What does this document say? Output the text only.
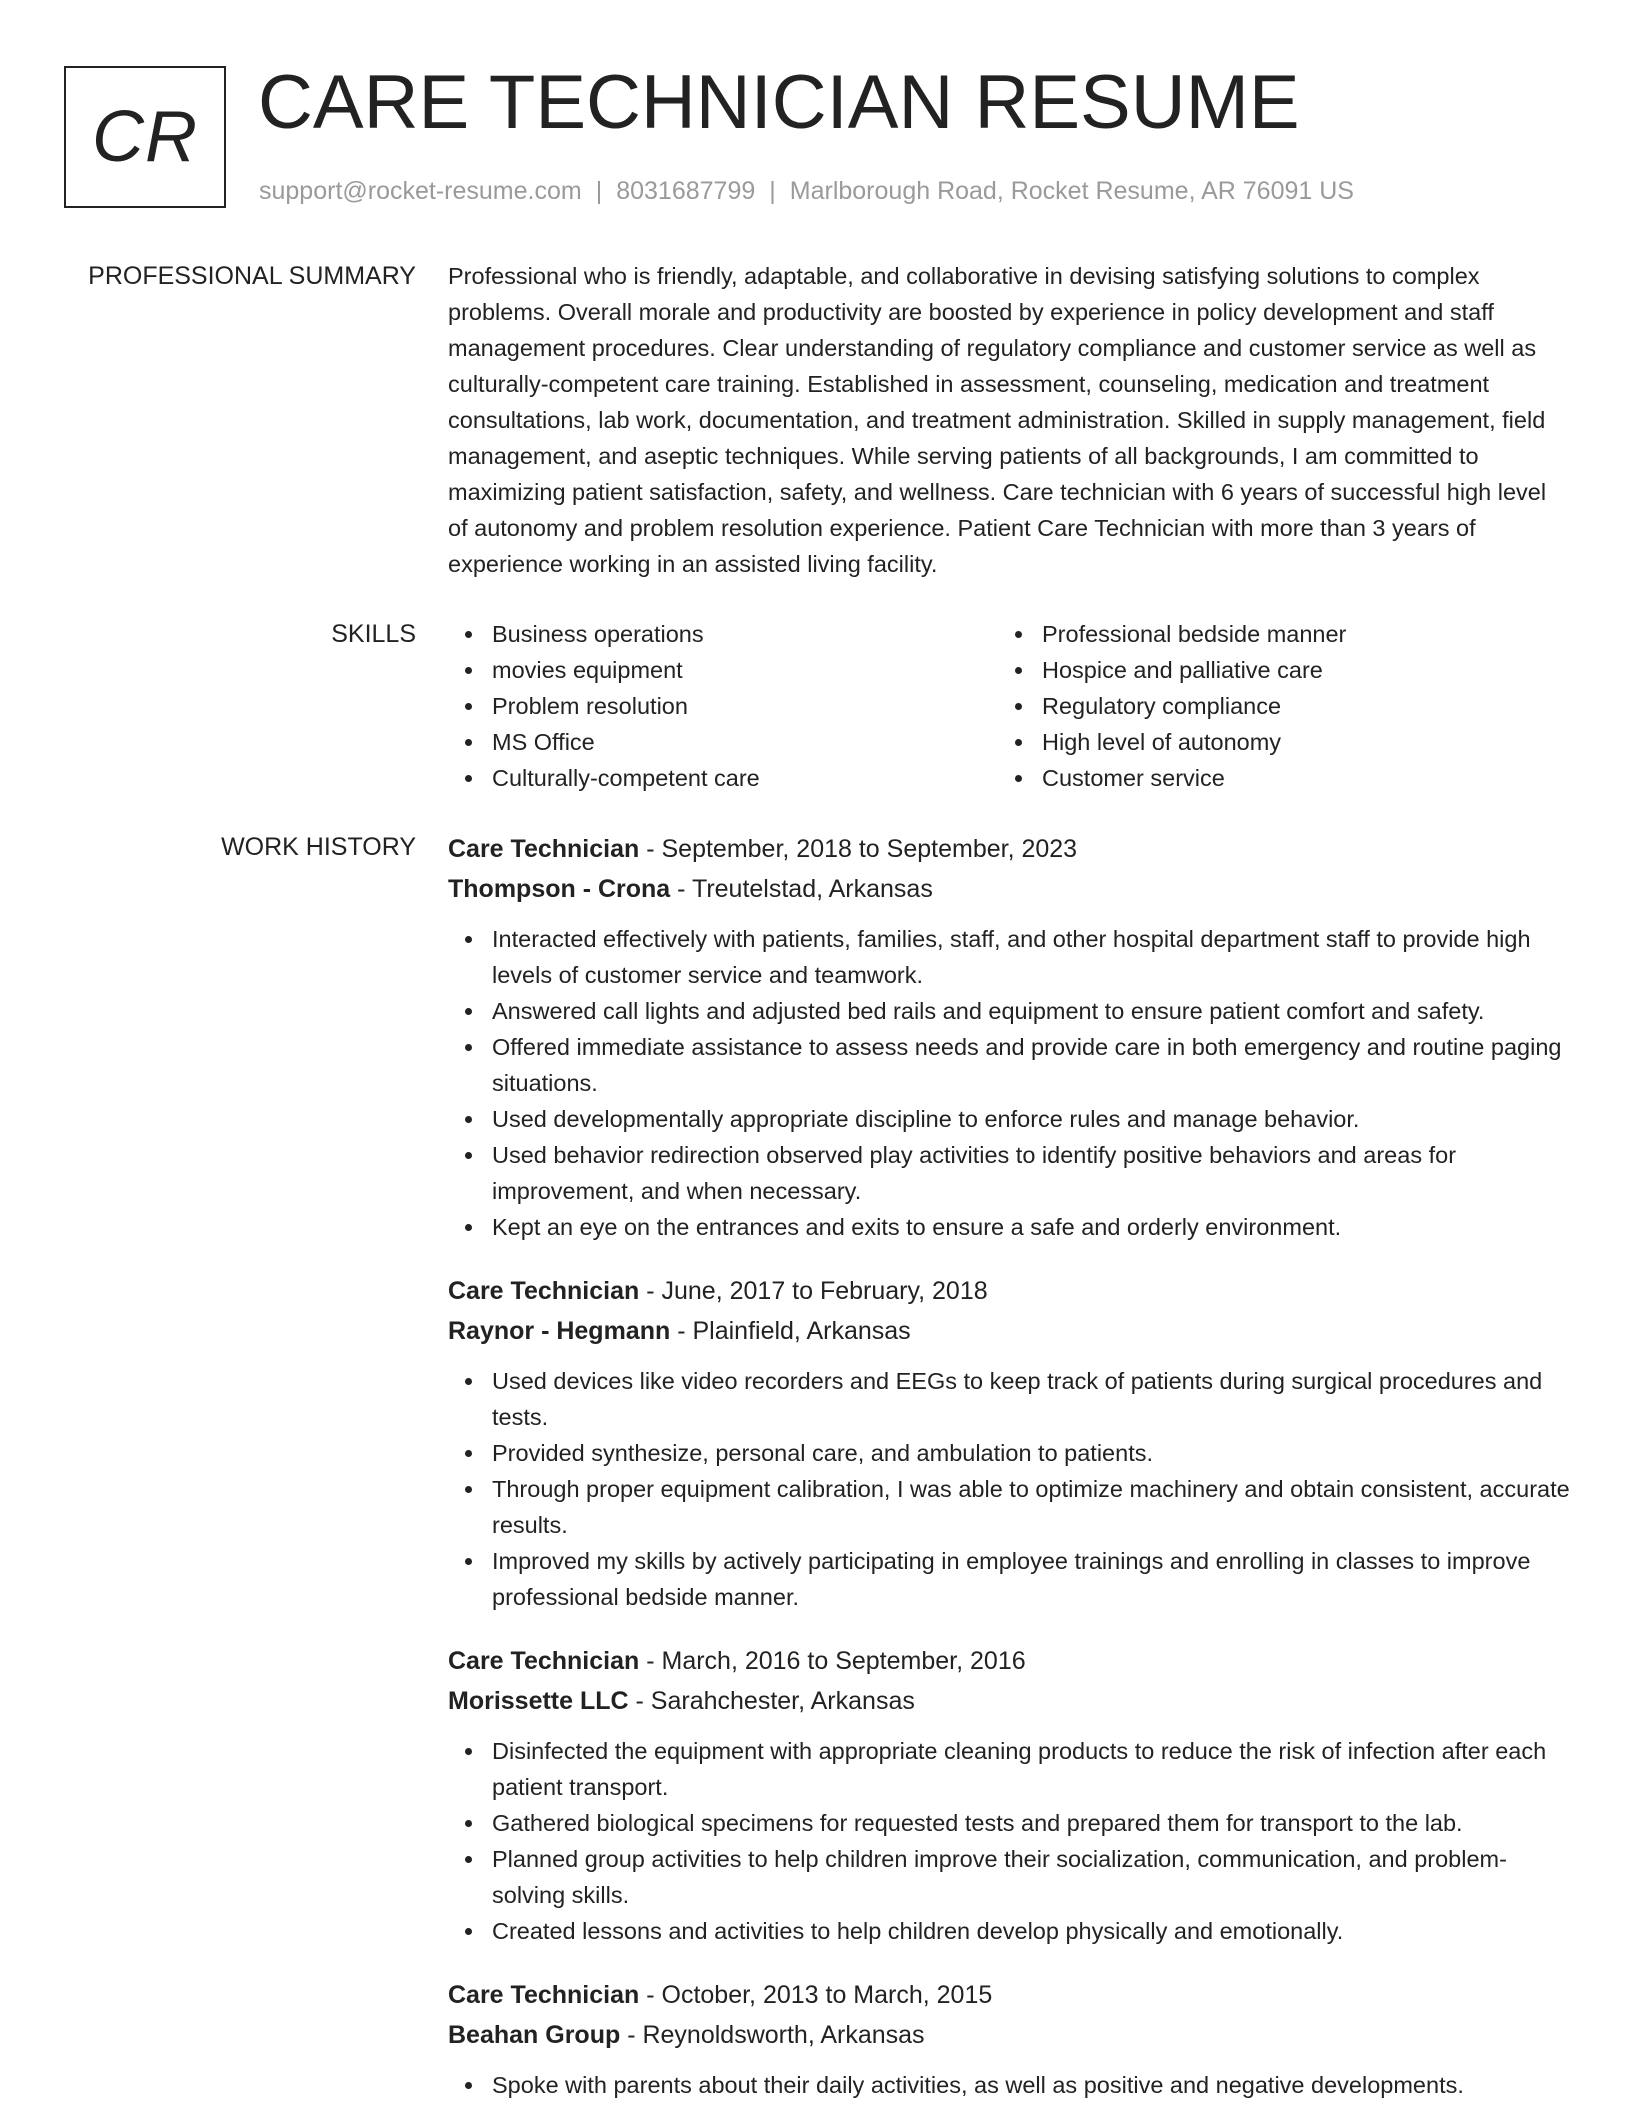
CR CARE TECHNICIAN RESUME
support@rocket-resume.com | 8031687799 | Marlborough Road, Rocket Resume, AR 76091 US
PROFESSIONAL SUMMARY Professional who is friendly, adaptable, and collaborative in devising satisfying solutions to complex problems. Overall morale and productivity are boosted by experience in policy development and staff management procedures. Clear understanding of regulatory compliance and customer service as well as culturally-competent care training. Established in assessment, counseling, medication and treatment consultations, lab work, documentation, and treatment administration. Skilled in supply management, field management, and aseptic techniques. While serving patients of all backgrounds, I am committed to maximizing patient satisfaction, safety, and wellness. Care technician with 6 years of successful high level of autonomy and problem resolution experience. Patient Care Technician with more than 3 years of experience working in an assisted living facility.

SKILLS	Business operations
movies equipment
Problem resolution
MS Office
Culturally-competent care
Professional bedside manner
Hospice and palliative care
Regulatory compliance
High level of autonomy
Customer service
WORK HISTORY Care Technician - September, 2018 to September, 2023
Thompson - Crona - Treutelstad, Arkansas
Interacted effectively with patients, families, staff, and other hospital department staff to provide high levels of customer service and teamwork.
Answered call lights and adjusted bed rails and equipment to ensure patient comfort and safety.
Offered immediate assistance to assess needs and provide care in both emergency and routine paging situations.
Used developmentally appropriate discipline to enforce rules and manage behavior.
Used behavior redirection observed play activities to identify positive behaviors and areas for improvement, and when necessary.
Kept an eye on the entrances and exits to ensure a safe and orderly environment.
Care Technician - June, 2017 to February, 2018
Raynor - Hegmann - Plainfield, Arkansas
Used devices like video recorders and EEGs to keep track of patients during surgical procedures and tests.
Provided synthesize, personal care, and ambulation to patients.
Through proper equipment calibration, I was able to optimize machinery and obtain consistent, accurate results.
Improved my skills by actively participating in employee trainings and enrolling in classes to improve professional bedside manner.
Care Technician - March, 2016 to September, 2016
Morissette LLC - Sarahchester, Arkansas
Disinfected the equipment with appropriate cleaning products to reduce the risk of infection after each patient transport.
Gathered biological specimens for requested tests and prepared them for transport to the lab.
Planned group activities to help children improve their socialization, communication, and problem-solving skills.
Created lessons and activities to help children develop physically and emotionally.
Care Technician - October, 2013 to March, 2015
Beahan Group - Reynoldsworth, Arkansas
Spoke with parents about their daily activities, as well as positive and negative developments.
